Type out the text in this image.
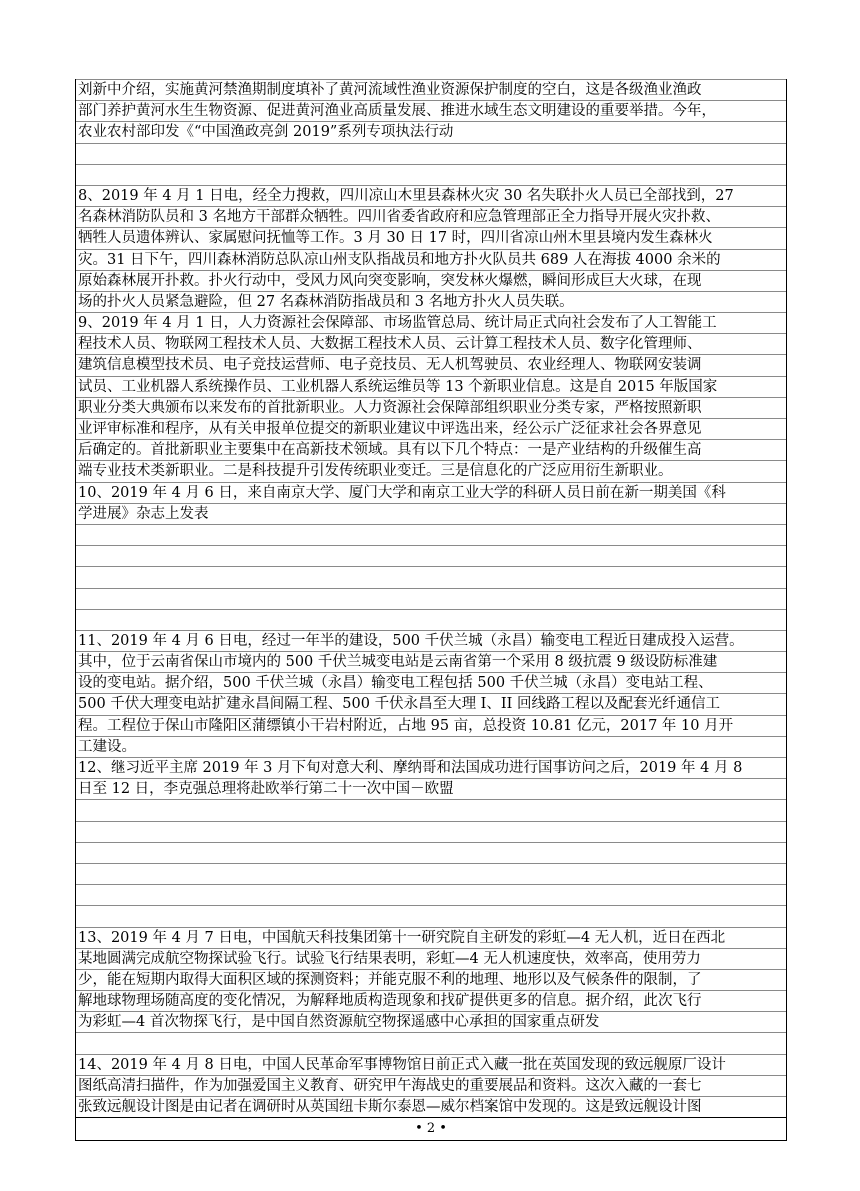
刘新中介绍，实施黄河禁渔期制度填补了黄河流域性渔业资源保护制度的空白，这是各级渔业渔政
部门养护黄河水生生物资源、促进黄河渔业高质量发展、推进水域生态文明建设的重要举措。今年，
农业农村部印发《“中国渔政亮剑 2019”系列专项执法行动
8、2019 年 4 月 1 日电，经全力搜救，四川凉山木里县森林火灾 30 名失联扑火人员已全部找到，27
名森林消防队员和 3 名地方干部群众牺牲。四川省委省政府和应急管理部正全力指导开展火灾扑救、
牺牲人员遗体辨认、家属慰问抚恤等工作。3 月 30 日 17 时，四川省凉山州木里县境内发生森林火
灾。31 日下午，四川森林消防总队凉山州支队指战员和地方扑火队员共 689 人在海拔 4000 余米的
原始森林展开扑救。扑火行动中，受风力风向突变影响，突发林火爆燃，瞬间形成巨大火球，在现
场的扑火人员紧急避险，但 27 名森林消防指战员和 3 名地方扑火人员失联。
9、2019 年 4 月 1 日，人力资源社会保障部、市场监管总局、统计局正式向社会发布了人工智能工
程技术人员、物联网工程技术人员、大数据工程技术人员、云计算工程技术人员、数字化管理师、
建筑信息模型技术员、电子竞技运营师、电子竞技员、无人机驾驶员、农业经理人、物联网安装调
试员、工业机器人系统操作员、工业机器人系统运维员等 13 个新职业信息。这是自 2015 年版国家
职业分类大典颁布以来发布的首批新职业。人力资源社会保障部组织职业分类专家，严格按照新职
业评审标准和程序，从有关申报单位提交的新职业建议中评选出来，经公示广泛征求社会各界意见
后确定的。首批新职业主要集中在高新技术领域。具有以下几个特点：一是产业结构的升级催生高
端专业技术类新职业。二是科技提升引发传统职业变迁。三是信息化的广泛应用衍生新职业。
10、2019 年 4 月 6 日，来自南京大学、厦门大学和南京工业大学的科研人员日前在新一期美国《科
学进展》杂志上发表
11、2019 年 4 月 6 日电，经过一年半的建设，500 千伏兰城（永昌）输变电工程近日建成投入运营。
其中，位于云南省保山市境内的 500 千伏兰城变电站是云南省第一个采用 8 级抗震 9 级设防标准建
设的变电站。据介绍，500 千伏兰城（永昌）输变电工程包括 500 千伏兰城（永昌）变电站工程、
500 千伏大理变电站扩建永昌间隔工程、500 千伏永昌至大理 I、II 回线路工程以及配套光纤通信工
程。工程位于保山市隆阳区蒲缥镇小干岩村附近，占地 95 亩，总投资 10.81 亿元，2017 年 10 月开
工建设。
12、继习近平主席 2019 年 3 月下旬对意大利、摩纳哥和法国成功进行国事访问之后，2019 年 4 月 8
日至 12 日，李克强总理将赴欧举行第二十一次中国－欧盟
13、2019 年 4 月 7 日电，中国航天科技集团第十一研究院自主研发的彩虹—4 无人机，近日在西北
某地圆满完成航空物探试验飞行。试验飞行结果表明，彩虹—4 无人机速度快，效率高，使用劳力
少，能在短期内取得大面积区域的探测资料；并能克服不利的地理、地形以及气候条件的限制，了
解地球物理场随高度的变化情况，为解释地质构造现象和找矿提供更多的信息。据介绍，此次飞行
为彩虹—4 首次物探飞行，是中国自然资源航空物探遥感中心承担的国家重点研发
14、2019 年 4 月 8 日电，中国人民革命军事博物馆日前正式入藏一批在英国发现的致远舰原厂设计
图纸高清扫描件，作为加强爱国主义教育、研究甲午海战史的重要展品和资料。这次入藏的一套七
张致远舰设计图是由记者在调研时从英国纽卡斯尔泰恩—威尔档案馆中发现的。这是致远舰设计图
• 2 •
